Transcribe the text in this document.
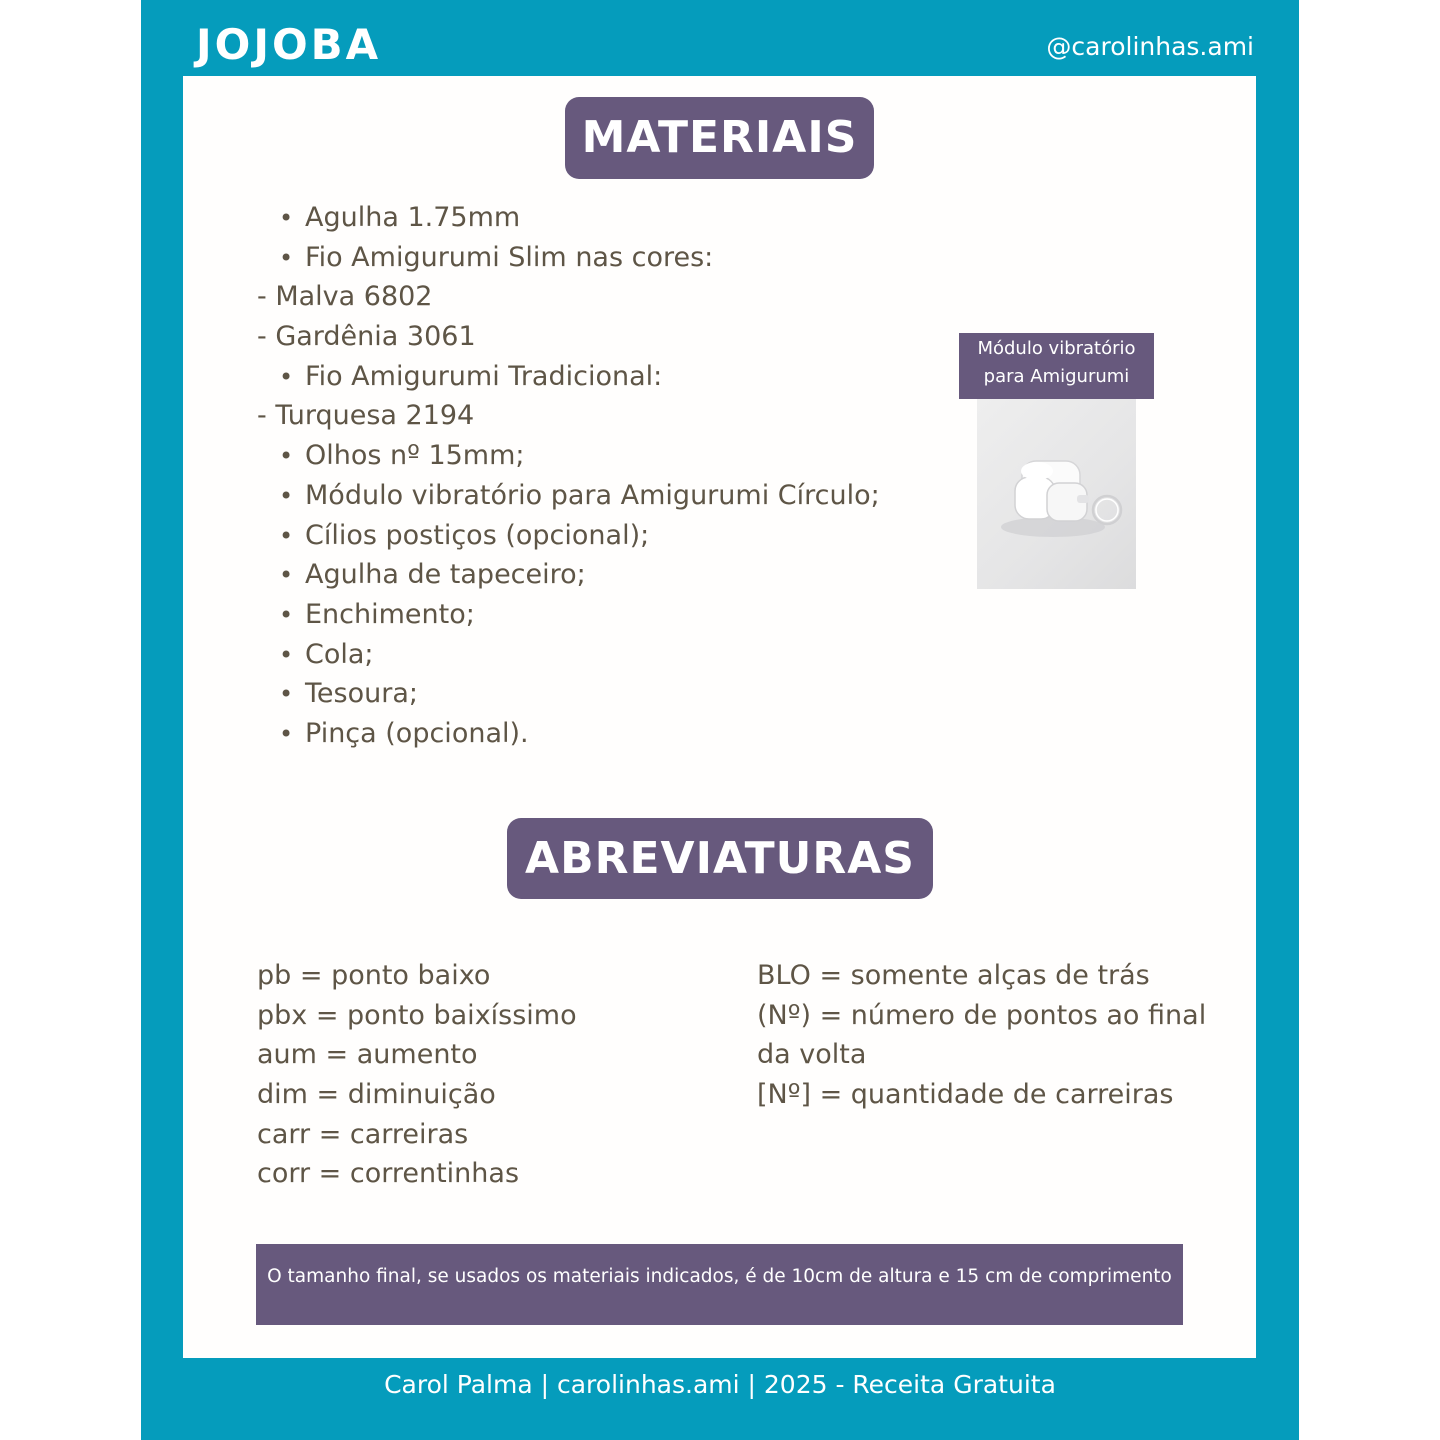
JOJOBA	@carolinhas.ami
MATERIAIS
• Agulha 1.75mm
• Fio Amigurumi Slim nas cores:
- Malva 6802
- Gardênia 3061
• Fio Amigurumi Tradicional:
- Turquesa 2194
• Olhos nº 15mm;
• Módulo vibratório para Amigurumi Círculo;
• Cílios postiços (opcional);
• Agulha de tapeceiro;
• Enchimento;
• Cola;
• Tesoura;
• Pinça (opcional).
Módulo vibratório
para Amigurumi
ABREVIATURAS
pb = ponto baixo
pbx = ponto baixíssimo
aum = aumento
dim = diminuição
carr = carreiras
corr = correntinhas
BLO = somente alças de trás
(Nº) = número de pontos ao final
da volta
[Nº] = quantidade de carreiras
O tamanho final, se usados os materiais indicados, é de 10cm de altura e 15 cm de comprimento
Carol Palma | carolinhas.ami | 2025 - Receita Gratuita
